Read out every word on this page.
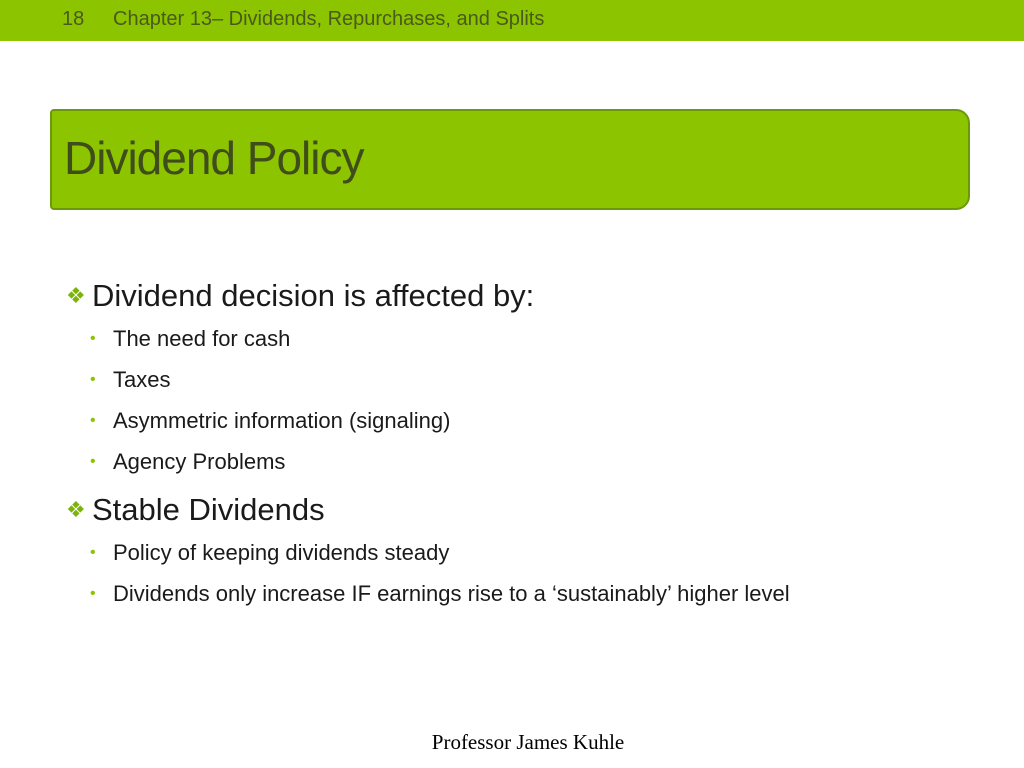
18 Chapter 13– Dividends, Repurchases, and Splits
Dividend Policy
❖ Dividend decision is affected by:
• The need for cash
• Taxes
• Asymmetric information (signaling)
• Agency Problems
❖ Stable Dividends
• Policy of keeping dividends steady
• Dividends only increase IF earnings rise to a ‘sustainably’ higher level
Professor James Kuhle
